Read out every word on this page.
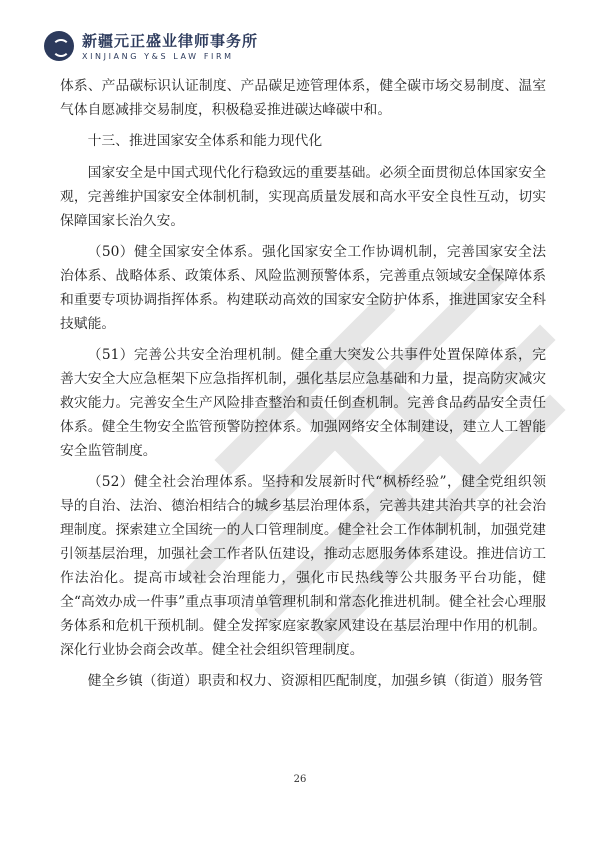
新疆元正盛业律师事务所
XINJIANG Y&S LAW FIRM

体系、产品碳标识认证制度、产品碳足迹管理体系，健全碳市场交易制度、温室气体自愿减排交易制度，积极稳妥推进碳达峰碳中和。

十三、推进国家安全体系和能力现代化

国家安全是中国式现代化行稳致远的重要基础。必须全面贯彻总体国家安全观，完善维护国家安全体制机制，实现高质量发展和高水平安全良性互动，切实保障国家长治久安。

（50）健全国家安全体系。强化国家安全工作协调机制，完善国家安全法治体系、战略体系、政策体系、风险监测预警体系，完善重点领域安全保障体系和重要专项协调指挥体系。构建联动高效的国家安全防护体系，推进国家安全科技赋能。

（51）完善公共安全治理机制。健全重大突发公共事件处置保障体系，完善大安全大应急框架下应急指挥机制，强化基层应急基础和力量，提高防灾减灾救灾能力。完善安全生产风险排查整治和责任倒查机制。完善食品药品安全责任体系。健全生物安全监管预警防控体系。加强网络安全体制建设，建立人工智能安全监管制度。

（52）健全社会治理体系。坚持和发展新时代“枫桥经验”，健全党组织领导的自治、法治、德治相结合的城乡基层治理体系，完善共建共治共享的社会治理制度。探索建立全国统一的人口管理制度。健全社会工作体制机制，加强党建引领基层治理，加强社会工作者队伍建设，推动志愿服务体系建设。推进信访工作法治化。提高市域社会治理能力，强化市民热线等公共服务平台功能，健全“高效办成一件事”重点事项清单管理机制和常态化推进机制。健全社会心理服务体系和危机干预机制。健全发挥家庭家教家风建设在基层治理中作用的机制。深化行业协会商会改革。健全社会组织管理制度。

健全乡镇（街道）职责和权力、资源相匹配制度，加强乡镇（街道）服务管

26
